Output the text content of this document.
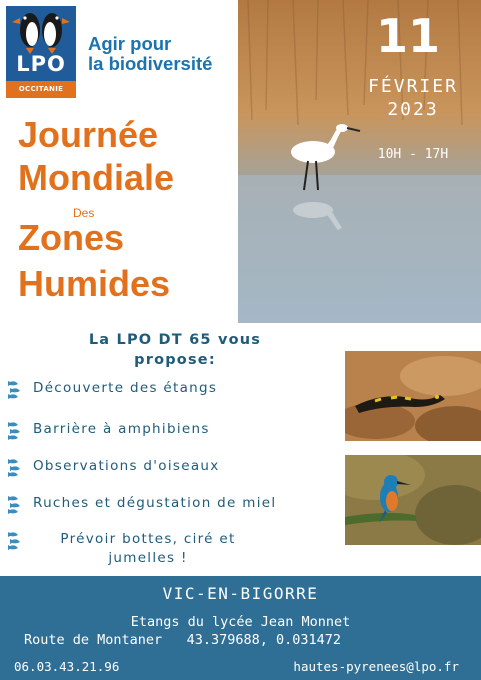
LPO
OCCITANIE
Agir pour
la biodiversité
Journée
Mondiale
Des
Zones
Humides
11
FÉVRIER
2023
10H - 17H
La LPO DT 65 vous
propose:
Découverte des étangs
Barrière à amphibiens
Observations d'oiseaux
Ruches et dégustation de miel
Prévoir bottes, ciré et
jumelles !
VIC-EN-BIGORRE
Etangs du lycée Jean Monnet
Route de Montaner 43.379688, 0.031472
06.03.43.21.96	hautes-pyrenees@lpo.fr
